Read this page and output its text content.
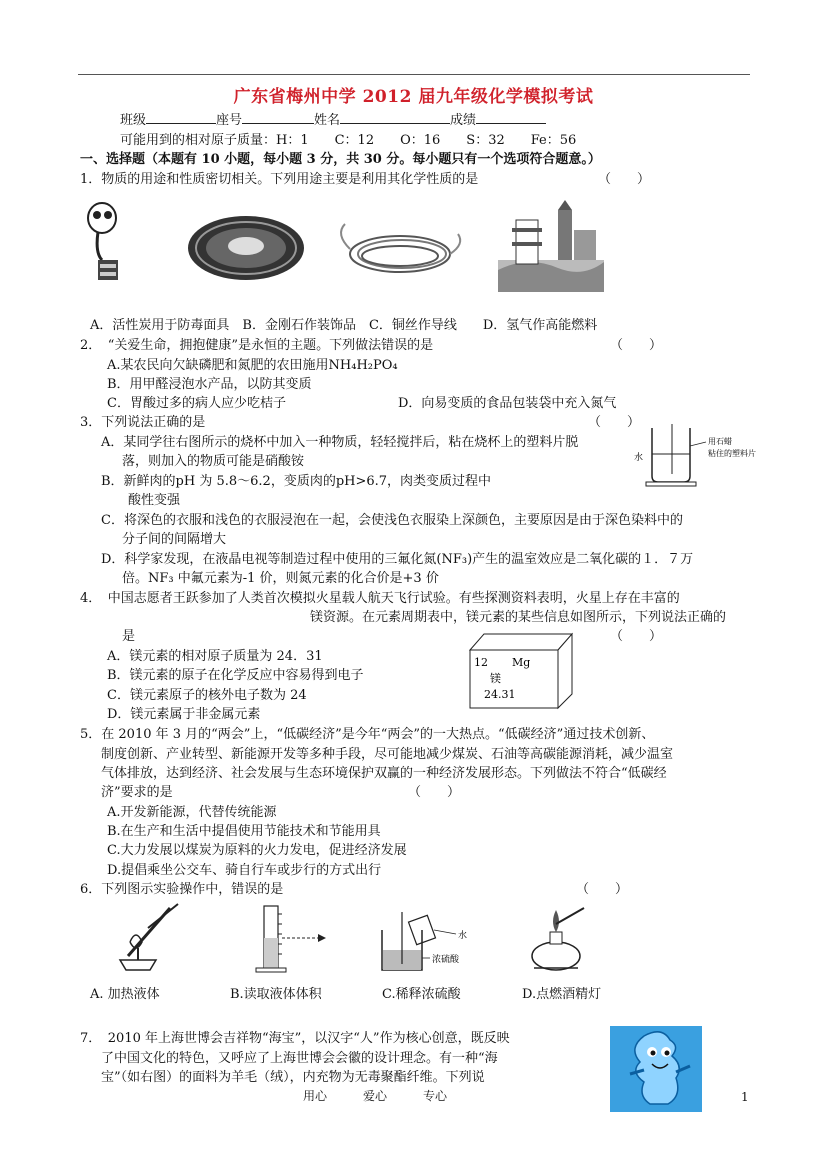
广东省梅州中学 2012 届九年级化学模拟考试
班级	座号	姓名	成绩
可能用到的相对原子质量：H：1　　C：12　　O：16　　S：32　　Fe：56
一、选择题（本题有 10 小题，每小题 3 分，共 30 分。每小题只有一个选项符合题意。）
1．物质的用途和性质密切相关。下列用途主要是利用其化学性质的是	（　　）
A．活性炭用于防毒面具　B．金刚石作装饰品　C．铜丝作导线　　D．氢气作高能燃料
2．　“关爱生命，拥抱健康”是永恒的主题。下列做法错误的是	（　　）
A.某农民向欠缺磷肥和氮肥的农田施用NH₄H₂PO₄
B．用甲醛浸泡水产品，以防其变质
C．胃酸过多的病人应少吃桔子	D．向易变质的食品包装袋中充入氮气
3．下列说法正确的是	（　　）
水
用石蜡
粘住的塑料片
A．某同学往右图所示的烧杯中加入一种物质，轻轻搅拌后，粘在烧杯上的塑料片脱
落，则加入的物质可能是硝酸铵
B．新鲜肉的pH 为 5.8～6.2，变质肉的pH>6.7，肉类变质过程中
酸性变强
C．将深色的衣服和浅色的衣服浸泡在一起，会使浅色衣服染上深颜色，主要原因是由于深色染料中的
分子间的间隔增大
D．科学家发现，在液晶电视等制造过程中使用的三氟化氮(NF₃)产生的温室效应是二氧化碳的１．７万
倍。NF₃ 中氟元素为-1 价，则氮元素的化合价是+3 价
4．　中国志愿者王跃参加了人类首次模拟火星载人航天飞行试验。有些探测资料表明，火星上存在丰富的
镁资源。在元素周期表中，镁元素的某些信息如图所示，下列说法正确的
是	（　　）
A．镁元素的相对原子质量为 24．31
B．镁元素的原子在化学反应中容易得到电子
C．镁元素原子的核外电子数为 24
D．镁元素属于非金属元素
12 Mg
镁
24.31
5．在 2010 年 3 月的“两会”上，“低碳经济”是今年“两会”的一大热点。“低碳经济”通过技术创新、
制度创新、产业转型、新能源开发等多种手段，尽可能地减少煤炭、石油等高碳能源消耗，减少温室
气体排放，达到经济、社会发展与生态环境保护双赢的一种经济发展形态。下列做法不符合“低碳经
济”要求的是	（　　）
A.开发新能源，代替传统能源
B.在生产和生活中提倡使用节能技术和节能用具
C.大力发展以煤炭为原料的火力发电，促进经济发展
D.提倡乘坐公交车、骑自行车或步行的方式出行
6．下列图示实验操作中，错误的是	（　　）
水
浓硫酸
A. 加热液体	B.读取液体体积	C.稀释浓硫酸	D.点燃酒精灯
7．　2010 年上海世博会吉祥物“海宝”，以汉字“人”作为核心创意，既反映
了中国文化的特色，又呼应了上海世博会会徽的设计理念。有一种“海
宝”（如右图）的面料为羊毛（绒），内充物为无毒聚酯纤维。下列说
用心　　　爱心　　　专心	1
